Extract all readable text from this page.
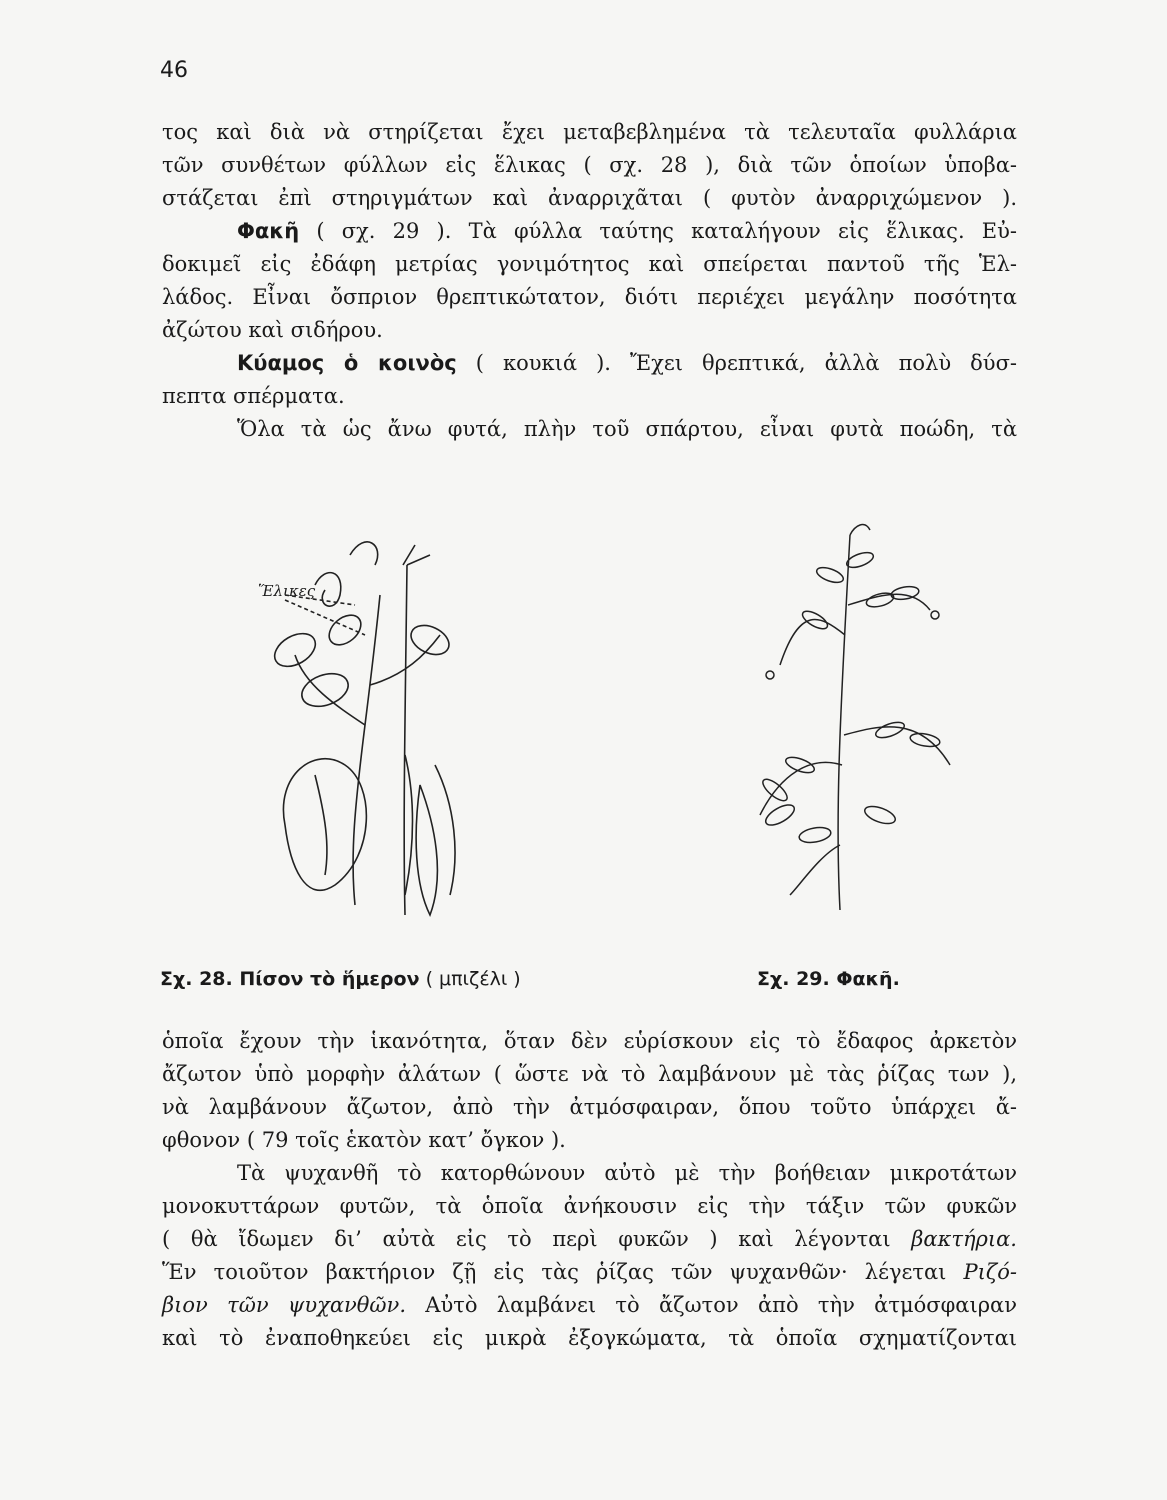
46
τος καὶ διὰ νὰ στηρίζεται ἔχει μεταβεβλημένα τὰ τελευταῖα φυλλάρια
τῶν συνθέτων φύλλων εἰς ἕλικας ( σχ. 28 ), διὰ τῶν ὁποίων ὑποβα-
στάζεται ἐπὶ στηριγμάτων καὶ ἀναρριχᾶται ( φυτὸν ἀναρριχώμενον ).
Φακῆ ( σχ. 29 ). Τὰ φύλλα ταύτης καταλήγουν εἰς ἕλικας. Εὐ-
δοκιμεῖ εἰς ἐδάφη μετρίας γονιμότητος καὶ σπείρεται παντοῦ τῆς Ἑλ-
λάδος. Εἶναι ὄσπριον θρεπτικώτατον, διότι περιέχει μεγάλην ποσότητα
ἀζώτου καὶ σιδήρου.
Κύαμος ὁ κοινὸς ( κουκιά ). Ἔχει θρεπτικά, ἀλλὰ πολὺ δύσ-
πεπτα σπέρματα.
Ὅλα τὰ ὡς ἄνω φυτά, πλὴν τοῦ σπάρτου, εἶναι φυτὰ ποώδη, τὰ
Ἕλικες
Σχ. 28. Πίσον τὸ ἥμερον ( μπιζέλι )	Σχ. 29. Φακῆ.
ὁποῖα ἔχουν τὴν ἱκανότητα, ὅταν δὲν εὑρίσκουν εἰς τὸ ἔδαφος ἀρκετὸν
ἄζωτον ὑπὸ μορφὴν ἀλάτων ( ὥστε νὰ τὸ λαμβάνουν μὲ τὰς ῥίζας των ),
νὰ λαμβάνουν ἄζωτον, ἀπὸ τὴν ἀτμόσφαιραν, ὅπου τοῦτο ὑπάρχει ἄ-
φθονον ( 79 τοῖς ἑκατὸν κατ’ ὄγκον ).
Τὰ ψυχανθῆ τὸ κατορθώνουν αὐτὸ μὲ τὴν βοήθειαν μικροτάτων
μονοκυττάρων φυτῶν, τὰ ὁποῖα ἀνήκουσιν εἰς τὴν τάξιν τῶν φυκῶν
( θὰ ἴδωμεν δι’ αὐτὰ εἰς τὸ περὶ φυκῶν ) καὶ λέγονται βακτήρια.
Ἕν τοιοῦτον βακτήριον ζῇ εἰς τὰς ῥίζας τῶν ψυχανθῶν· λέγεται Ριζό-
βιον τῶν ψυχανθῶν. Αὐτὸ λαμβάνει τὸ ἄζωτον ἀπὸ τὴν ἀτμόσφαιραν
καὶ τὸ ἐναποθηκεύει εἰς μικρὰ ἐξογκώματα, τὰ ὁποῖα σχηματίζονται
